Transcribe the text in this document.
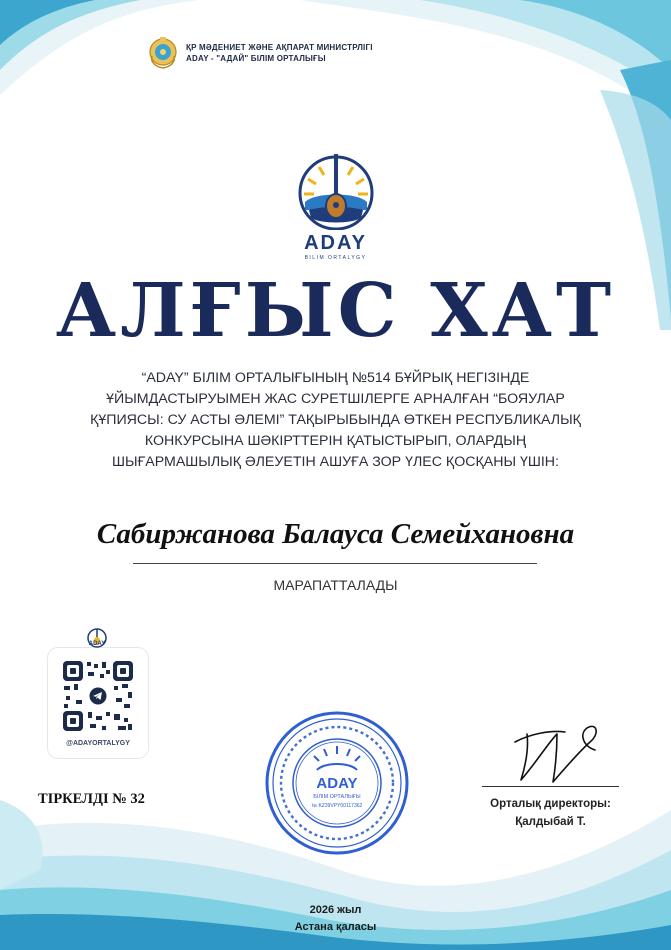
ҚР МӘДЕНИЕТ ЖӘНЕ АҚПАРАТ МИНИСТРЛІГІ
ADAY - "АДАЙ" БІЛІМ ОРТАЛЫҒЫ
ADAY
BILIM ORTALYGY
АЛҒЫС ХАТ
“ADAY” БІЛІМ ОРТАЛЫҒЫНЫҢ №514 БҰЙРЫҚ НЕГІЗІНДЕ ҰЙЫМДАСТЫРУЫМЕН ЖАС СУРЕТШІЛЕРГЕ АРНАЛҒАН “БОЯУЛАР ҚҰПИЯСЫ: СУ АСТЫ ӘЛЕМІ” ТАҚЫРЫБЫНДА ӨТКЕН РЕСПУБЛИКАЛЫҚ КОНКУРСЫНА ШӘКІРТТЕРІН ҚАТЫСТЫРЫП, ОЛАРДЫҢ ШЫҒАРМАШЫЛЫҚ ӘЛЕУЕТІН АШУҒА ЗОР ҮЛЕС ҚОСҚАНЫ ҮШІН:
Сабиржанова Балауса Семейхановна
МАРАПАТТАЛАДЫ
ADAY
@ADAYORTALYGY
ТІРКЕЛДІ № 32
ADAY
БІЛІМ ОРТАЛЫҒЫ
№ KZ39VPY00117362	Орталық директоры:
Қалдыбай Т.
2026 жыл
Астана қаласы
